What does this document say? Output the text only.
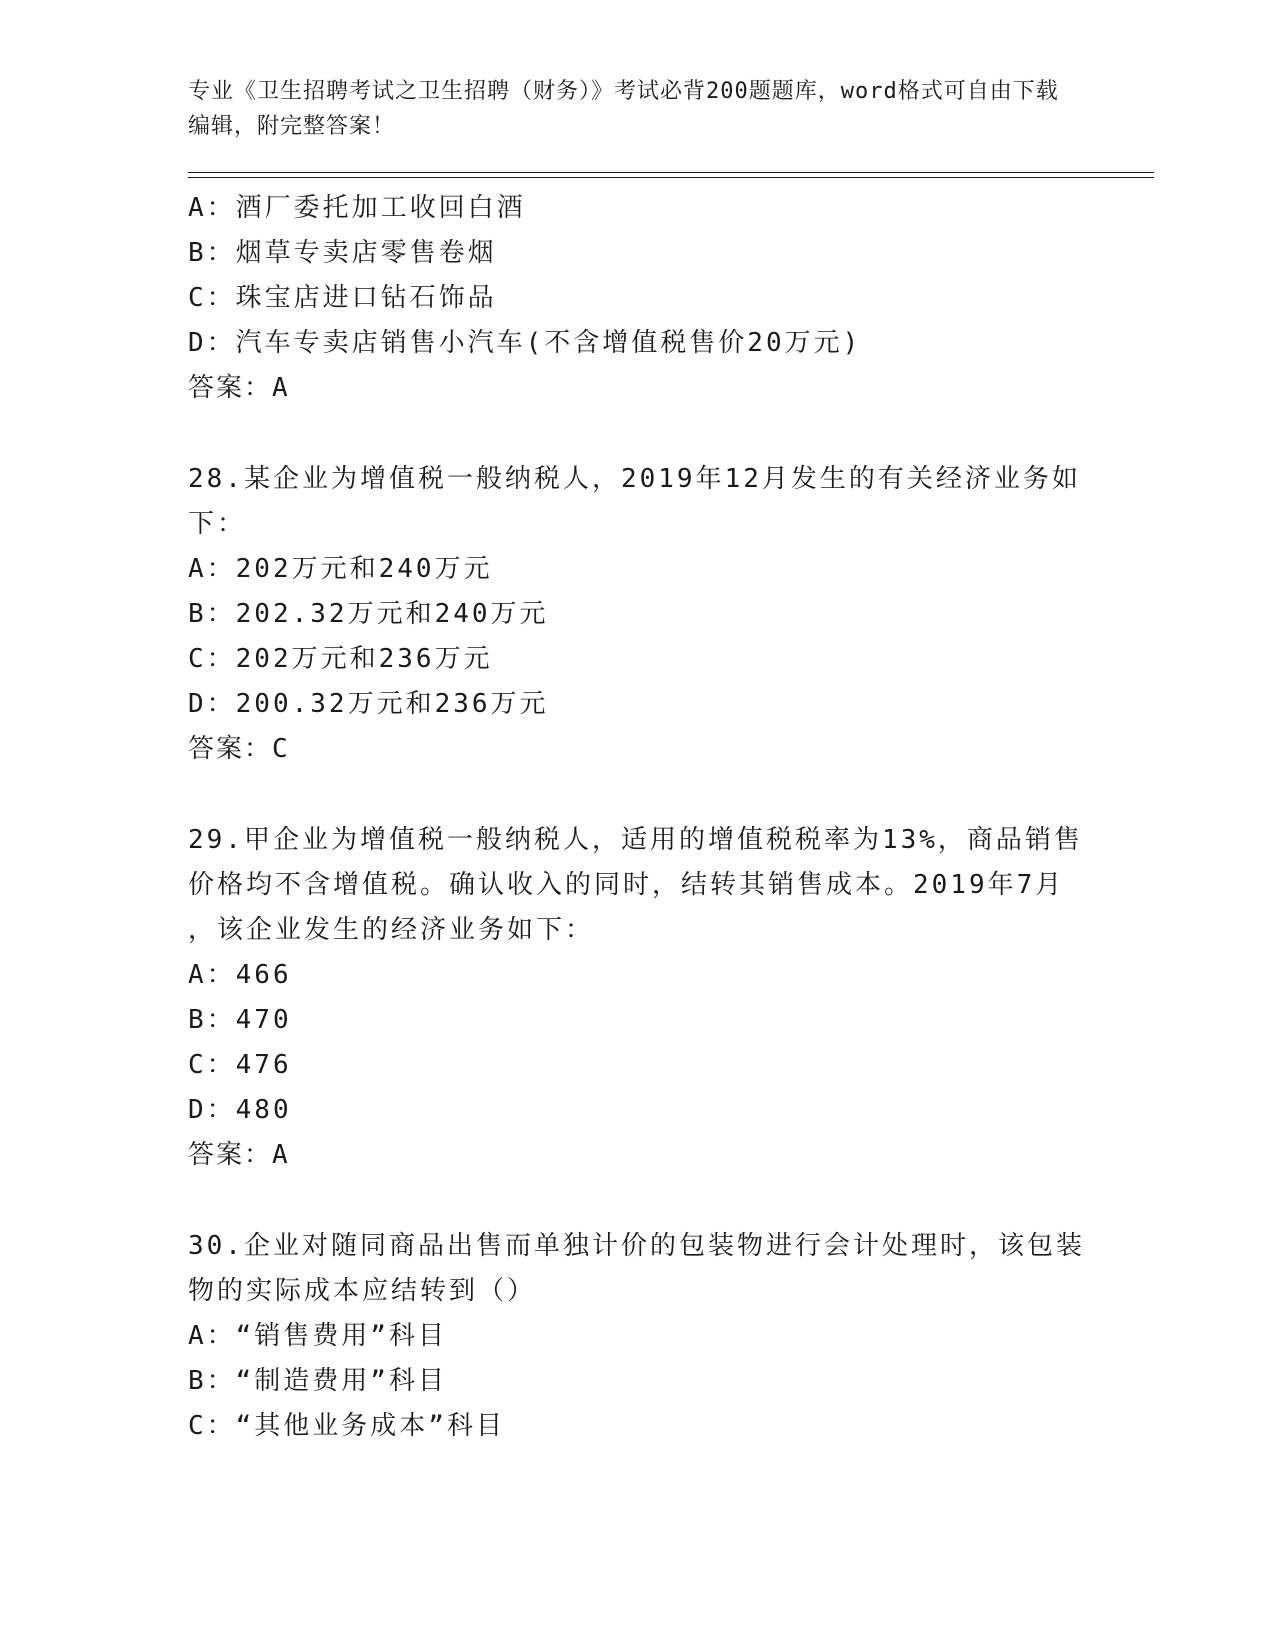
专业《卫生招聘考试之卫生招聘（财务）》考试必背200题题库，word格式可自由下载编辑，附完整答案！
A：酒厂委托加工收回白酒
B：烟草专卖店零售卷烟
C：珠宝店进口钻石饰品
D：汽车专卖店销售小汽车(不含增值税售价20万元)
答案：A
28.某企业为增值税一般纳税人，2019年12月发生的有关经济业务如
下：
A：202万元和240万元
B：202.32万元和240万元
C：202万元和236万元
D：200.32万元和236万元
答案：C
29.甲企业为增值税一般纳税人，适用的增值税税率为13%，商品销售
价格均不含增值税。确认收入的同时，结转其销售成本。2019年7月
，该企业发生的经济业务如下：
A：466
B：470
C：476
D：480
答案：A
30.企业对随同商品出售而单独计价的包装物进行会计处理时，该包装
物的实际成本应结转到（）
A：“销售费用”科目
B：“制造费用”科目
C：“其他业务成本”科目
